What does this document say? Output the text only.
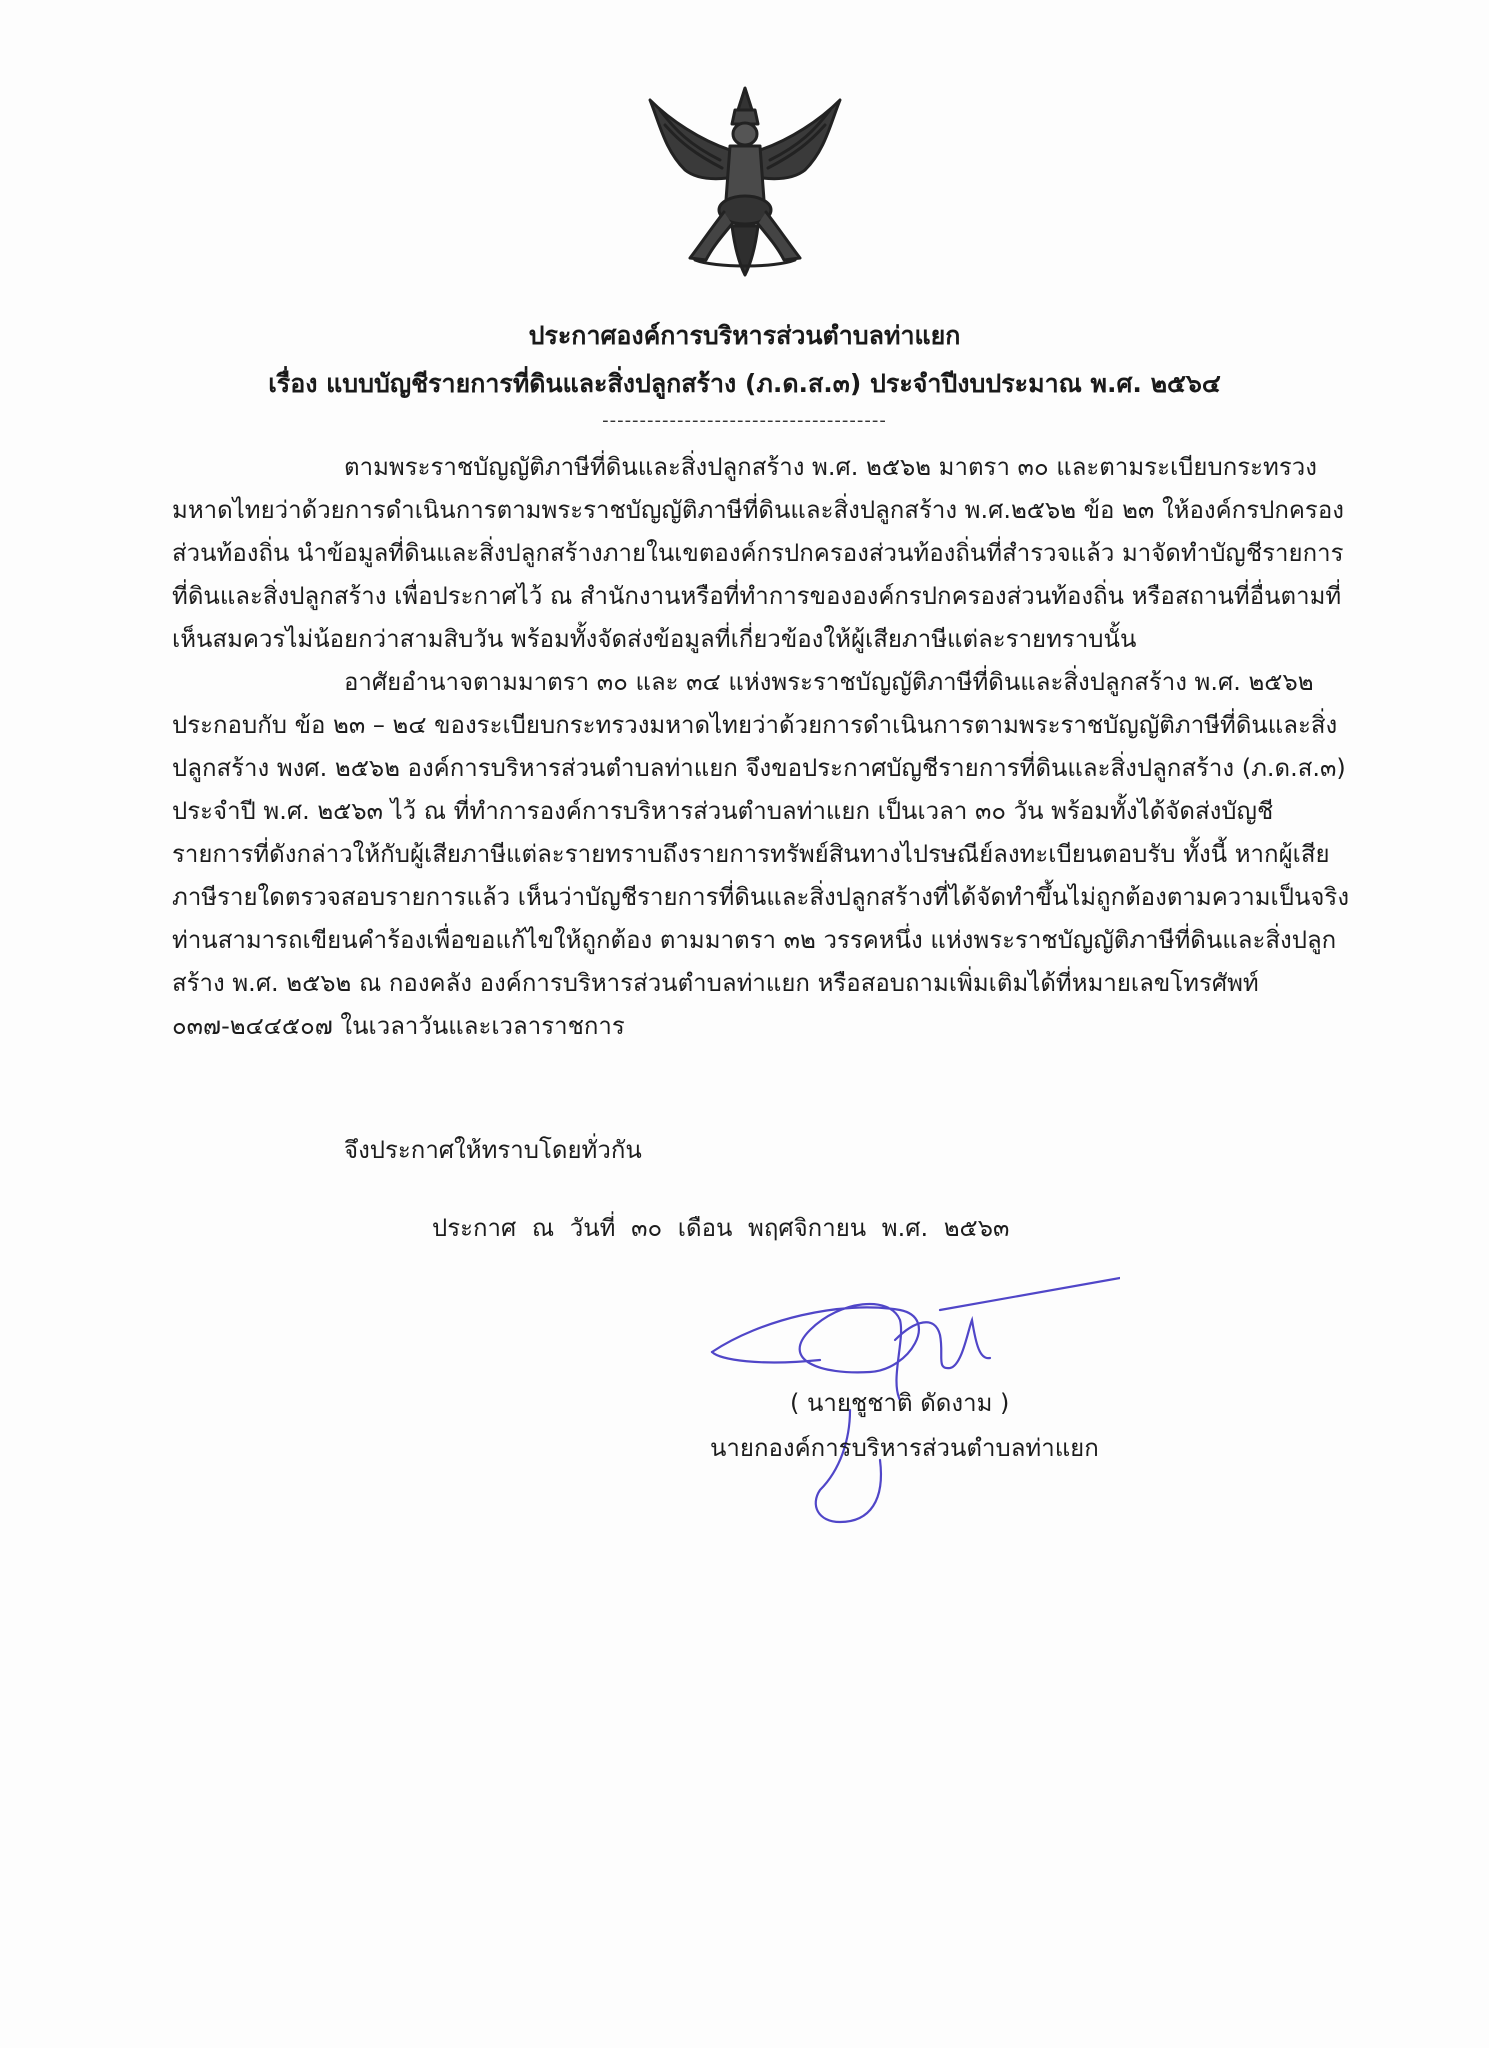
ประกาศองค์การบริหารส่วนตำบลท่าแยก
เรื่อง แบบบัญชีรายการที่ดินและสิ่งปลูกสร้าง (ภ.ด.ส.๓) ประจำปีงบประมาณ พ.ศ. ๒๕๖๔
--------------------------------------

ตามพระราชบัญญัติภาษีที่ดินและสิ่งปลูกสร้าง พ.ศ. ๒๕๖๒ มาตรา ๓๐ และตามระเบียบกระทรวงมหาดไทยว่าด้วยการดำเนินการตามพระราชบัญญัติภาษีที่ดินและสิ่งปลูกสร้าง พ.ศ.๒๕๖๒ ข้อ ๒๓ ให้องค์กรปกครองส่วนท้องถิ่น นำข้อมูลที่ดินและสิ่งปลูกสร้างภายในเขตองค์กรปกครองส่วนท้องถิ่นที่สำรวจแล้ว มาจัดทำบัญชีรายการที่ดินและสิ่งปลูกสร้าง เพื่อประกาศไว้ ณ สำนักงานหรือที่ทำการขององค์กรปกครองส่วนท้องถิ่น หรือสถานที่อื่นตามที่เห็นสมควรไม่น้อยกว่าสามสิบวัน พร้อมทั้งจัดส่งข้อมูลที่เกี่ยวข้องให้ผู้เสียภาษีแต่ละรายทราบนั้น

อาศัยอำนาจตามมาตรา ๓๐ และ ๓๔ แห่งพระราชบัญญัติภาษีที่ดินและสิ่งปลูกสร้าง พ.ศ. ๒๕๖๒ ประกอบกับ ข้อ ๒๓ – ๒๔ ของระเบียบกระทรวงมหาดไทยว่าด้วยการดำเนินการตามพระราชบัญญัติภาษีที่ดินและสิ่งปลูกสร้าง พงศ. ๒๕๖๒ องค์การบริหารส่วนตำบลท่าแยก จึงขอประกาศบัญชีรายการที่ดินและสิ่งปลูกสร้าง (ภ.ด.ส.๓) ประจำปี พ.ศ. ๒๕๖๓ ไว้ ณ ที่ทำการองค์การบริหารส่วนตำบลท่าแยก เป็นเวลา ๓๐ วัน พร้อมทั้งได้จัดส่งบัญชีรายการที่ดังกล่าวให้กับผู้เสียภาษีแต่ละรายทราบถึงรายการทรัพย์สินทางไปรษณีย์ลงทะเบียนตอบรับ ทั้งนี้ หากผู้เสียภาษีรายใดตรวจสอบรายการแล้ว เห็นว่าบัญชีรายการที่ดินและสิ่งปลูกสร้างที่ได้จัดทำขึ้นไม่ถูกต้องตามความเป็นจริง ท่านสามารถเขียนคำร้องเพื่อขอแก้ไขให้ถูกต้อง ตามมาตรา ๓๒ วรรคหนึ่ง แห่งพระราชบัญญัติภาษีที่ดินและสิ่งปลูกสร้าง พ.ศ. ๒๕๖๒ ณ กองคลัง องค์การบริหารส่วนตำบลท่าแยก หรือสอบถามเพิ่มเติมได้ที่หมายเลขโทรศัพท์ ๐๓๗-๒๔๔๕๐๗ ในเวลาวันและเวลาราชการ

จึงประกาศให้ทราบโดยทั่วกัน
ประกาศ ณ วันที่ ๓๐ เดือน พฤศจิกายน พ.ศ. ๒๕๖๓
( นายชูชาติ ดัดงาม )
นายกองค์การบริหารส่วนตำบลท่าแยก
